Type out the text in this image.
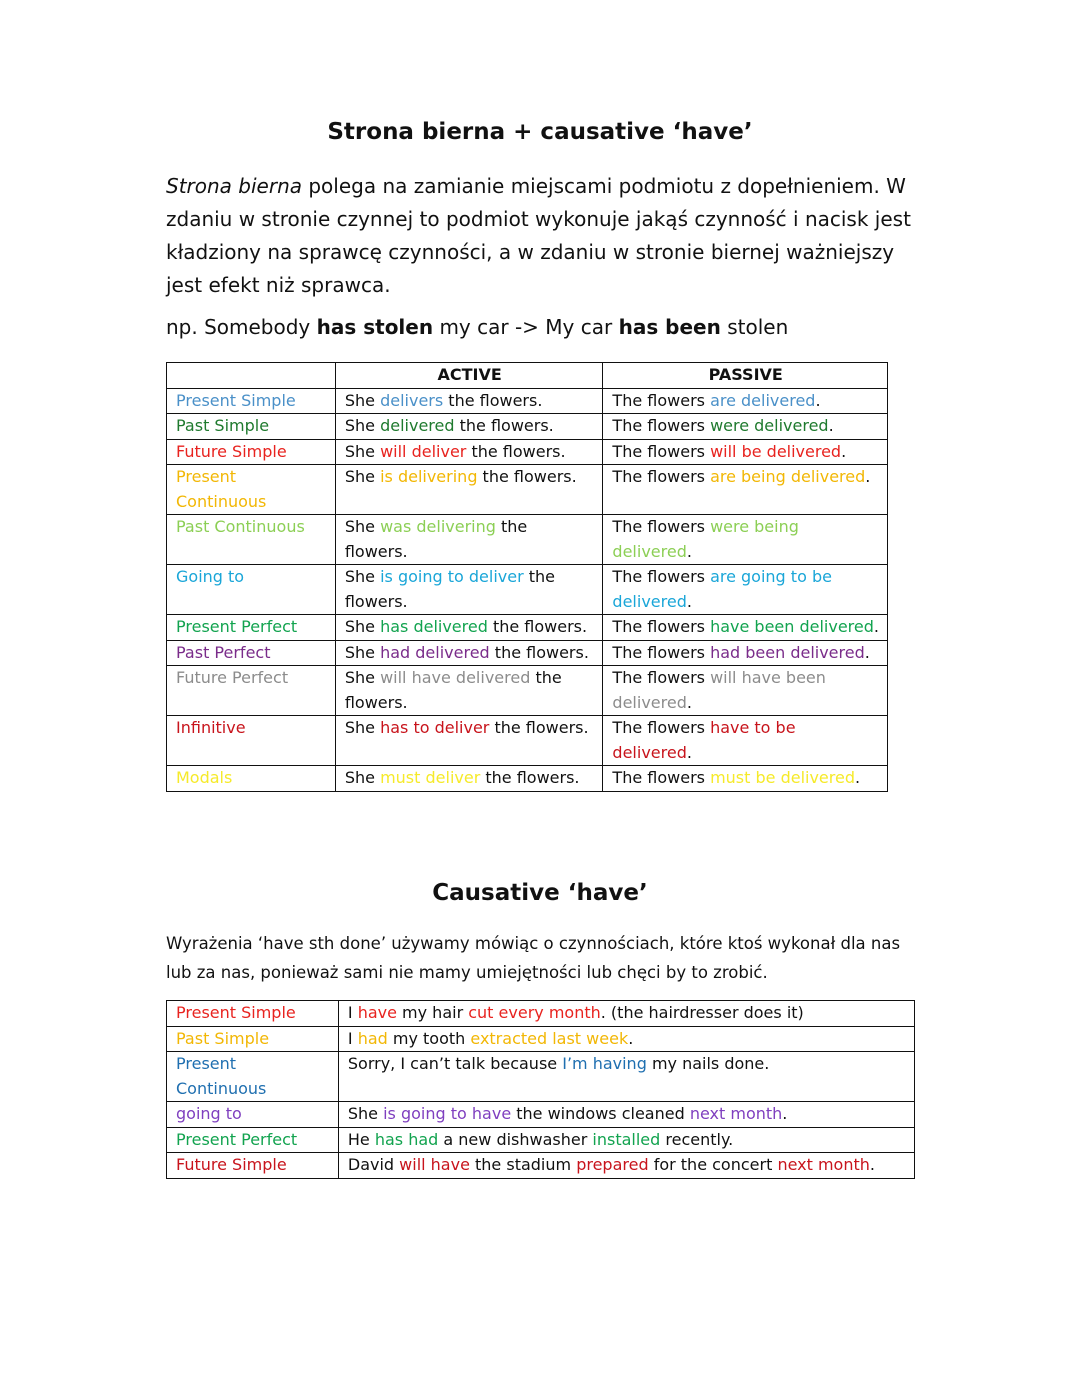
Strona bierna + causative ‘have’

Strona bierna polega na zamianie miejscami podmiotu z dopełnieniem. W zdaniu w stronie czynnej to podmiot wykonuje jakąś czynność i nacisk jest kładziony na sprawcę czynności, a w zdaniu w stronie biernej ważniejszy jest efekt niż sprawca.

np. Somebody has stolen my car -> My car has been stolen
	ACTIVE	PASSIVE
Present Simple	She delivers the flowers.	The flowers are delivered.
Past Simple	She delivered the flowers.	The flowers were delivered.
Future Simple	She will deliver the flowers.	The flowers will be delivered.
Present Continuous	She is delivering the flowers.	The flowers are being delivered.
Past Continuous	She was delivering the flowers.	The flowers were being delivered.
Going to	She is going to deliver the flowers.	The flowers are going to be delivered.
Present Perfect	She has delivered the flowers.	The flowers have been delivered.
Past Perfect	She had delivered the flowers.	The flowers had been delivered.
Future Perfect	She will have delivered the flowers.	The flowers will have been delivered.
Infinitive	She has to deliver the flowers.	The flowers have to be delivered.
Modals	She must deliver the flowers.	The flowers must be delivered.
Causative ‘have’

Wyrażenia ‘have sth done’ używamy mówiąc o czynnościach, które ktoś wykonał dla nas lub za nas, ponieważ sami nie mamy umiejętności lub chęci by to zrobić.

Present Simple	I have my hair cut every month. (the hairdresser does it)
Past Simple	I had my tooth extracted last week.
Present Continuous	Sorry, I can’t talk because I’m having my nails done.
going to	She is going to have the windows cleaned next month.
Present Perfect	He has had a new dishwasher installed recently.
Future Simple	David will have the stadium prepared for the concert next month.
